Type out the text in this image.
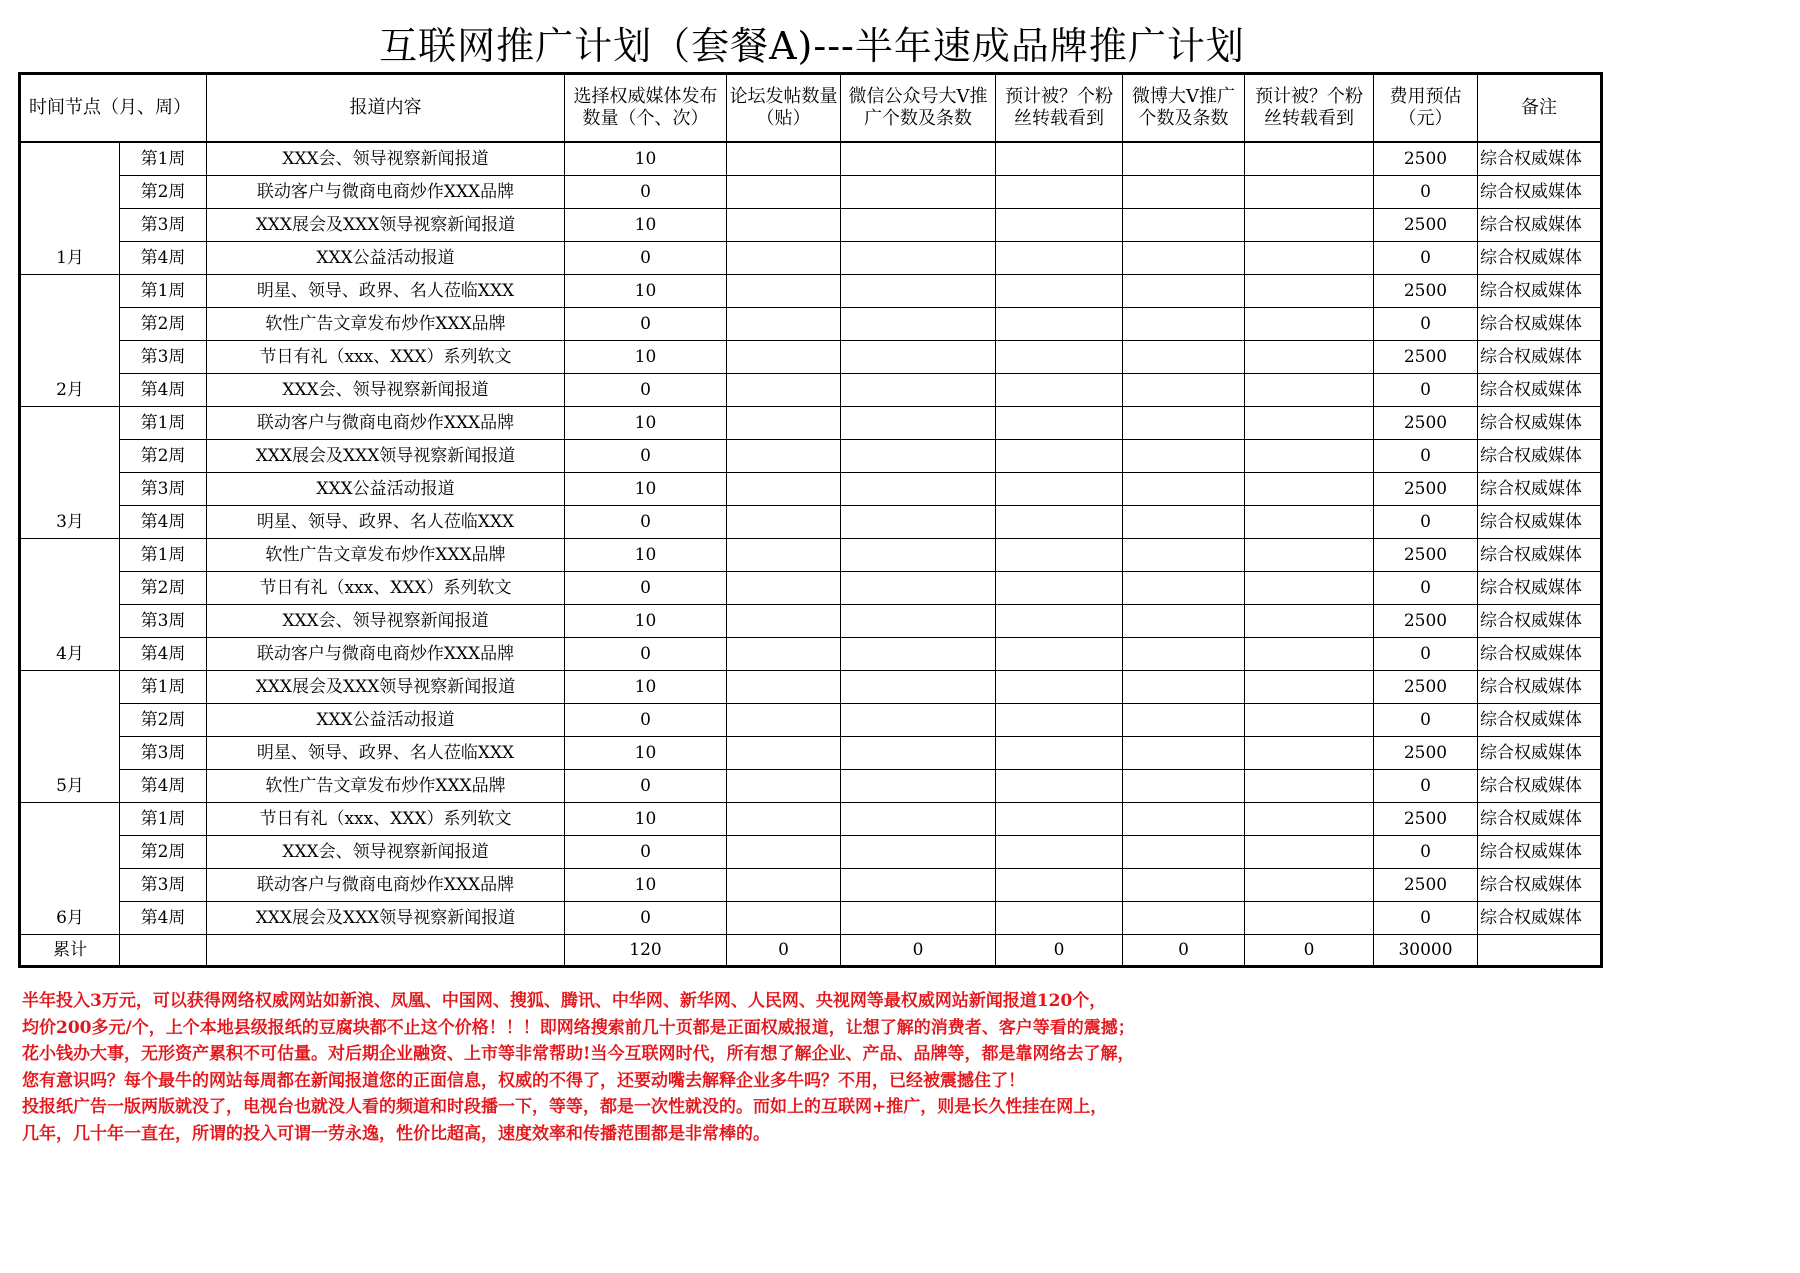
互联网推广计划（套餐A)---半年速成品牌推广计划
时间节点（月、周）		报道内容	选择权威媒体发布数量（个、次）	论坛发帖数量（贴）	微信公众号大V推广个数及条数	预计被？个粉丝转载看到	微博大V推广个数及条数	预计被？个粉丝转载看到	费用预估（元）	备注
1月	第1周	XXX会、领导视察新闻报道	10						2500	综合权威媒体
	第2周	联动客户与微商电商炒作XXX品牌	0						0	综合权威媒体
	第3周	XXX展会及XXX领导视察新闻报道	10						2500	综合权威媒体
	第4周	XXX公益活动报道	0						0	综合权威媒体
2月	第1周	明星、领导、政界、名人莅临XXX	10						2500	综合权威媒体
	第2周	软性广告文章发布炒作XXX品牌	0						0	综合权威媒体
	第3周	节日有礼（xxx、XXX）系列软文	10						2500	综合权威媒体
	第4周	XXX会、领导视察新闻报道	0						0	综合权威媒体
3月	第1周	联动客户与微商电商炒作XXX品牌	10						2500	综合权威媒体
	第2周	XXX展会及XXX领导视察新闻报道	0						0	综合权威媒体
	第3周	XXX公益活动报道	10						2500	综合权威媒体
	第4周	明星、领导、政界、名人莅临XXX	0						0	综合权威媒体
4月	第1周	软性广告文章发布炒作XXX品牌	10						2500	综合权威媒体
	第2周	节日有礼（xxx、XXX）系列软文	0						0	综合权威媒体
	第3周	XXX会、领导视察新闻报道	10						2500	综合权威媒体
	第4周	联动客户与微商电商炒作XXX品牌	0						0	综合权威媒体
5月	第1周	XXX展会及XXX领导视察新闻报道	10						2500	综合权威媒体
	第2周	XXX公益活动报道	0						0	综合权威媒体
	第3周	明星、领导、政界、名人莅临XXX	10						2500	综合权威媒体
	第4周	软性广告文章发布炒作XXX品牌	0						0	综合权威媒体
6月	第1周	节日有礼（xxx、XXX）系列软文	10						2500	综合权威媒体
	第2周	XXX会、领导视察新闻报道	0						0	综合权威媒体
	第3周	联动客户与微商电商炒作XXX品牌	10						2500	综合权威媒体
	第4周	XXX展会及XXX领导视察新闻报道	0						0	综合权威媒体
累计			120	0	0	0	0	0	30000	
半年投入3万元，可以获得网络权威网站如新浪、凤凰、中国网、搜狐、腾讯、中华网、新华网、人民网、央视网等最权威网站新闻报道120个，
均价200多元/个，上个本地县级报纸的豆腐块都不止这个价格！！！即网络搜索前几十页都是正面权威报道，让想了解的消费者、客户等看的震撼；
花小钱办大事，无形资产累积不可估量。对后期企业融资、上市等非常帮助!当今互联网时代，所有想了解企业、产品、品牌等，都是靠网络去了解，
您有意识吗？每个最牛的网站每周都在新闻报道您的正面信息，权威的不得了，还要动嘴去解释企业多牛吗？不用，已经被震撼住了！
投报纸广告一版两版就没了，电视台也就没人看的频道和时段播一下，等等，都是一次性就没的。而如上的互联网+推广，则是长久性挂在网上，
几年，几十年一直在，所谓的投入可谓一劳永逸，性价比超高，速度效率和传播范围都是非常棒的。
